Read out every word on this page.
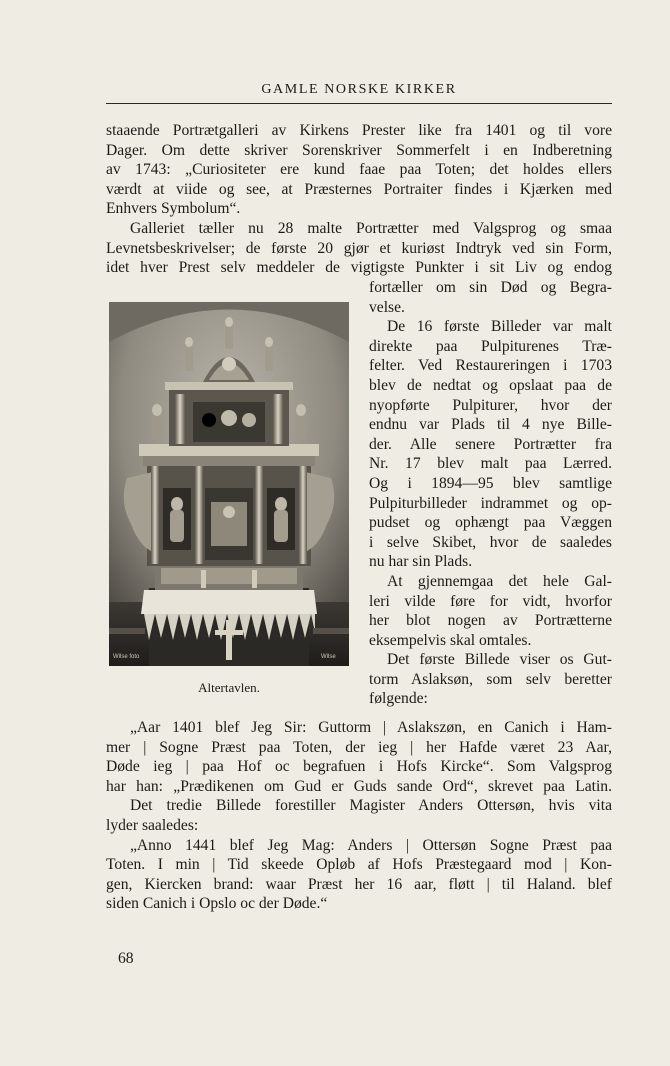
GAMLE NORSKE KIRKER
staaende Portrætgalleri av Kirkens Prester like fra 1401 og til vore
Dager. Om dette skriver Sorenskriver Sommerfelt i en Indberetning
av 1743: „Curiositeter ere kund faae paa Toten; det holdes ellers
værdt at viide og see, at Præsternes Portraiter findes i Kjærken med
Enhvers Symbolum“.
Galleriet tæller nu 28 malte Portrætter med Valgsprog og smaa
Levnetsbeskrivelser; de første 20 gjør et kuriøst Indtryk ved sin Form,
idet hver Prest selv meddeler de vigtigste Punkter i sit Liv og endog
fortæller om sin Død og Begra-
velse.
De 16 første Billeder var malt
direkte paa Pulpiturenes Træ-
felter. Ved Restaureringen i 1703
blev de nedtat og opslaat paa de
nyopførte Pulpiturer, hvor der
endnu var Plads til 4 nye Bille-
der. Alle senere Portrætter fra
Nr. 17 blev malt paa Lærred.
Og i 1894—95 blev samtlige
Pulpiturbilleder indrammet og op-
pudset og ophængt paa Væggen
i selve Skibet, hvor de saaledes
nu har sin Plads.
At gjennemgaa det hele Gal-
leri vilde føre for vidt, hvorfor
her blot nogen av Portrætterne
eksempelvis skal omtales.
Det første Billede viser os Gut-
torm Aslaksøn, som selv beretter
følgende:
„Aar 1401 blef Jeg Sir: Guttorm | Aslakszøn, en Canich i Ham-
mer | Sogne Præst paa Toten, der ieg | her Hafde været 23 Aar,
Døde ieg | paa Hof oc begrafuen i Hofs Kircke“. Som Valgsprog
har han: „Prædikenen om Gud er Guds sande Ord“, skrevet paa Latin.
Det tredie Billede forestiller Magister Anders Ottersøn, hvis vita
lyder saaledes:
„Anno 1441 blef Jeg Mag: Anders | Ottersøn Sogne Præst paa
Toten. I min | Tid skeede Opløb af Hofs Præstegaard mod | Kon-
gen, Kiercken brand: waar Præst her 16 aar, fløtt | til Haland. blef
siden Canich i Opslo oc der Døde.“
Wilse foto	Wilse
Altertavlen.
68
